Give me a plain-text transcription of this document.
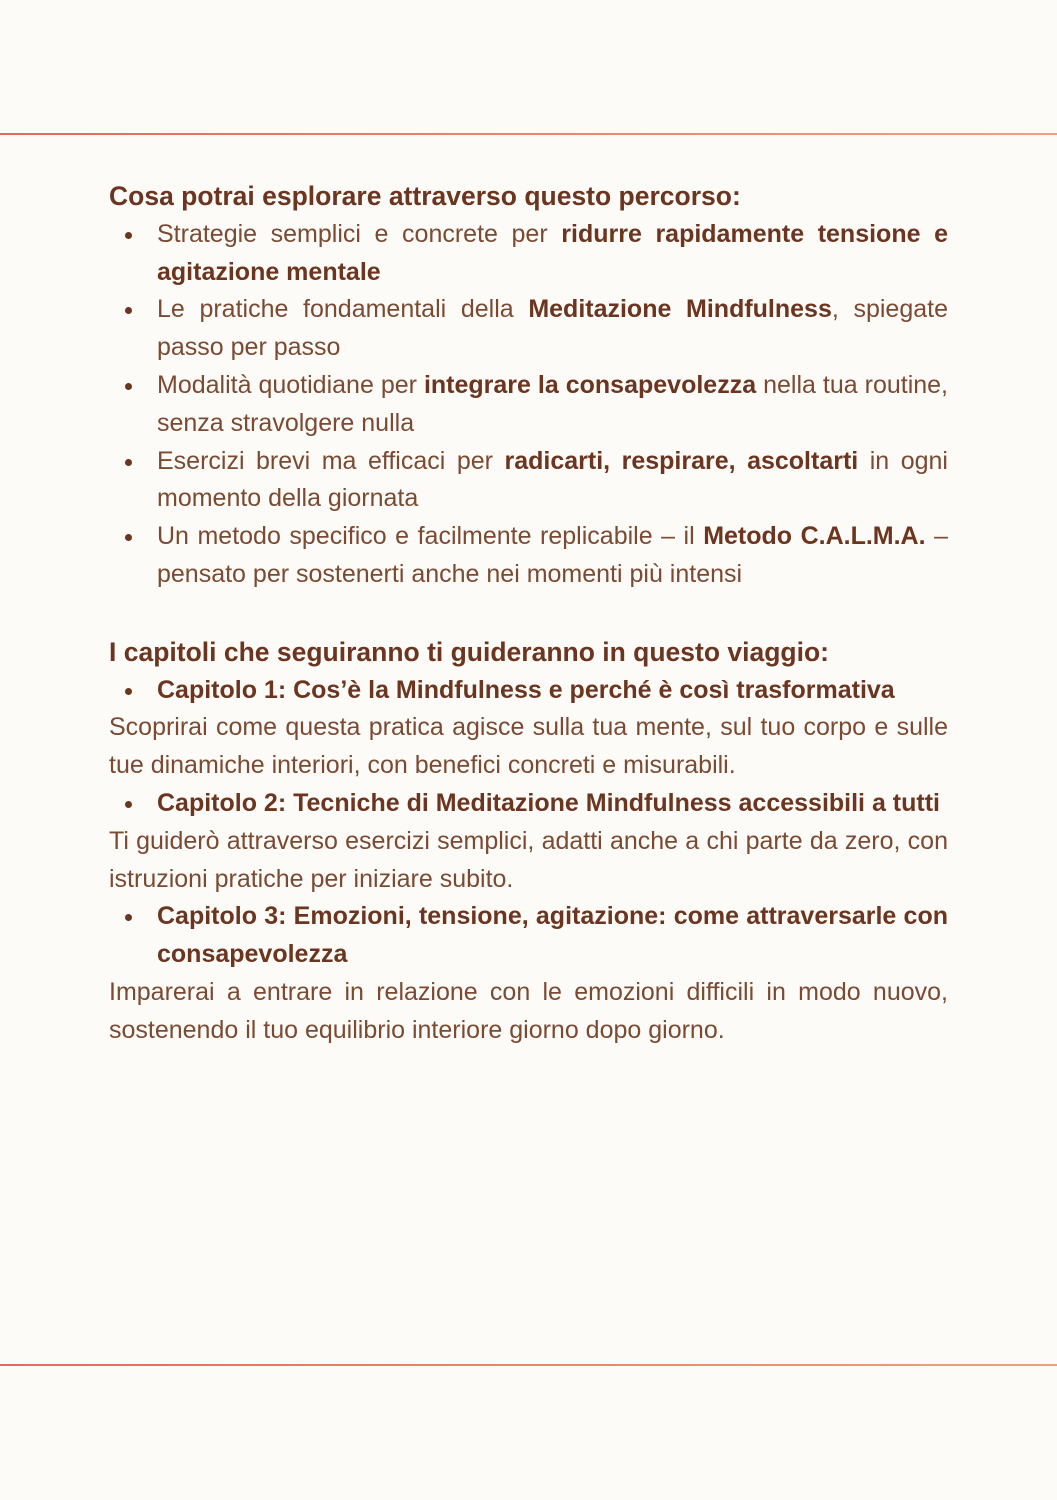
Cosa potrai esplorare attraverso questo percorso:
Strategie semplici e concrete per ridurre rapidamente tensione e agitazione mentale
Le pratiche fondamentali della Meditazione Mindfulness, spiegate passo per passo
Modalità quotidiane per integrare la consapevolezza nella tua routine, senza stravolgere nulla
Esercizi brevi ma efficaci per radicarti, respirare, ascoltarti in ogni momento della giornata
Un metodo specifico e facilmente replicabile – il Metodo C.A.L.M.A. – pensato per sostenerti anche nei momenti più intensi
I capitoli che seguiranno ti guideranno in questo viaggio:
Capitolo 1: Cos’è la Mindfulness e perché è così trasformativa

Scoprirai come questa pratica agisce sulla tua mente, sul tuo corpo e sulle tue dinamiche interiori, con benefici concreti e misurabili.

Capitolo 2: Tecniche di Meditazione Mindfulness accessibili a tutti

Ti guiderò attraverso esercizi semplici, adatti anche a chi parte da zero, con istruzioni pratiche per iniziare subito.

Capitolo 3: Emozioni, tensione, agitazione: come attraversarle con consapevolezza

Imparerai a entrare in relazione con le emozioni difficili in modo nuovo, sostenendo il tuo equilibrio interiore giorno dopo giorno.
